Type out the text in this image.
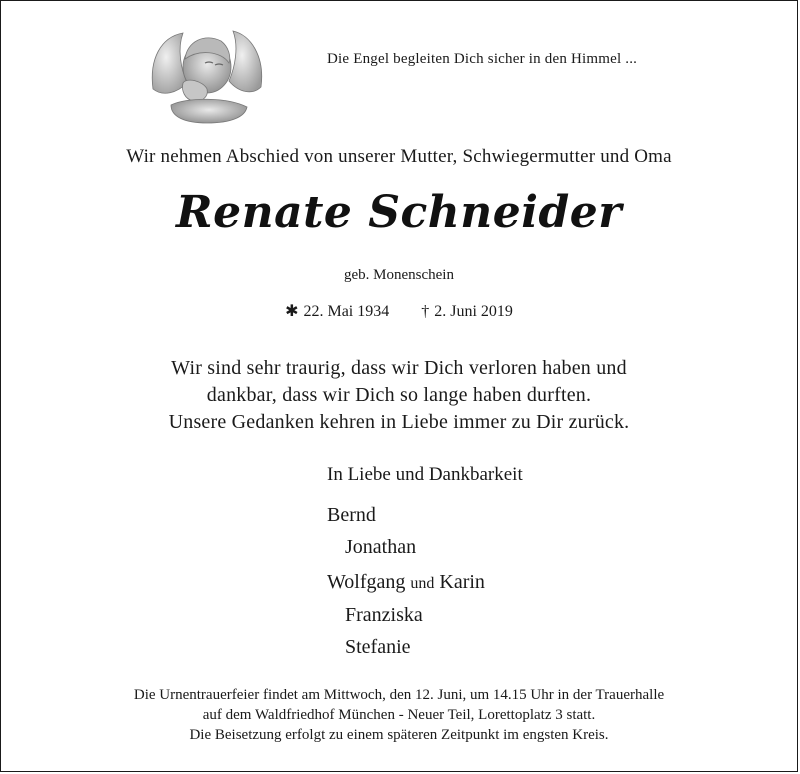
Die Engel begleiten Dich sicher in den Himmel ...
Wir nehmen Abschied von unserer Mutter, Schwiegermutter und Oma
Renate Schneider
geb. Monenschein
✱ 22. Mai 1934 † 2. Juni 2019
Wir sind sehr traurig, dass wir Dich verloren haben und
dankbar, dass wir Dich so lange haben durften.
Unsere Gedanken kehren in Liebe immer zu Dir zurück.
In Liebe und Dankbarkeit
Bernd
Jonathan
Wolfgang und Karin
Franziska
Stefanie
Die Urnentrauerfeier findet am Mittwoch, den 12. Juni, um 14.15 Uhr in der Trauerhalle
auf dem Waldfriedhof München - Neuer Teil, Lorettoplatz 3 statt.
Die Beisetzung erfolgt zu einem späteren Zeitpunkt im engsten Kreis.
